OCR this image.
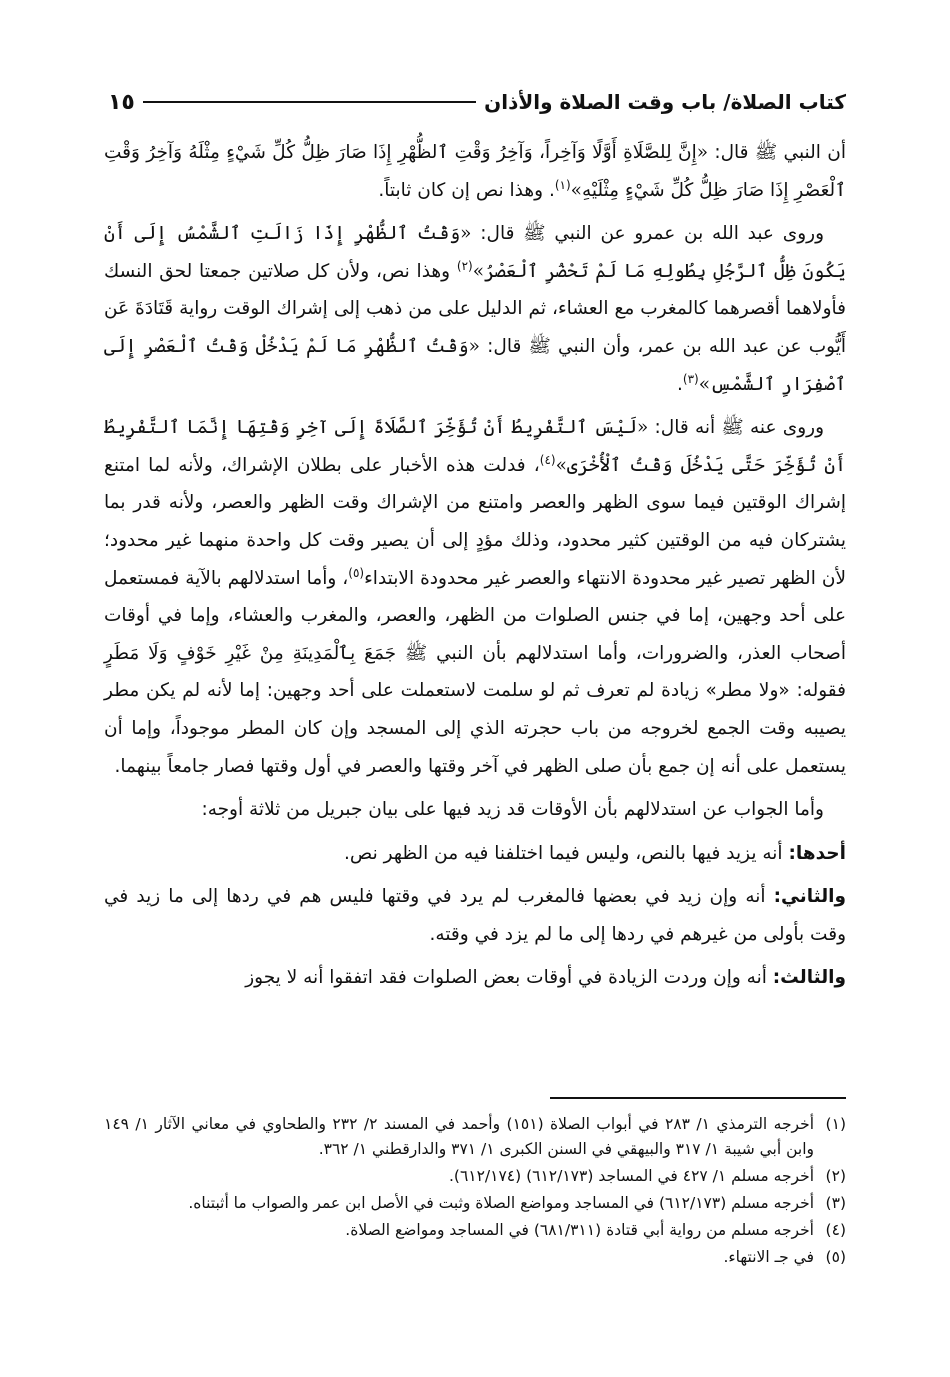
كتاب الصلاة/ باب وقت الصلاة والأذان
١٥

أن النبي ﷺ قال: «إِنَّ لِلصَّلَاةِ أَوَّلًا وَآخِراً، وَآخِرُ وَقْتِ ٱلظُّهْرِ إِذَا صَارَ ظِلُّ كُلِّ شَيْءٍ مِثْلَهُ وَآخِرُ وَقْتِ ٱلْعَصْرِ إِذَا صَارَ ظِلُّ كُلِّ شَيْءٍ مِثْلَيْهِ»$^{(١)}$. وهذا نص إن كان ثابتاً.

وروى عبد الله بن عمرو عن النبي ﷺ قال: «وَقْتُ ٱلظُّهْرِ إِذَا زَالَتِ ٱلشَّمْسُ إِلَى أَنْ يَكُونَ ظِلُّ ٱلرَّجُلِ بِطُولِهِ مَا لَمْ تَحْضُرِ ٱلْعَصْرُ»$^{(٢)}$ وهذا نص، ولأن كل صلاتين جمعتا لحق النسك فأولاهما أقصرهما كالمغرب مع العشاء، ثم الدليل على من ذهب إلى إشراك الوقت رواية قَتَادَةَ عَن أَيُّوب عن عبد الله بن عمر، وأن النبي ﷺ قال: «وَقْتُ ٱلظُّهْرِ مَا لَمْ يَدْخُلْ وَقْتُ ٱلْعَصْرِ إِلَى ٱصْفِرَارِ ٱلشَّمْسِ»$^{(٣)}$.

وروى عنه ﷺ أنه قال: «لَيْسَ ٱلتَّفْرِيطُ أَنْ تُؤَخِّرَ ٱلصَّلَاةَ إِلَى آخِرِ وَقْتِهَا إِنَّمَا ٱلتَّفْرِيطُ أَنْ تُؤَخِّرَ حَتَّى يَدْخُلَ وَقْتُ ٱلْأُخْرَى»$^{(٤)}$، فدلت هذه الأخبار على بطلان الإشراك، ولأنه لما امتنع إشراك الوقتين فيما سوى الظهر والعصر وامتنع من الإشراك وقت الظهر والعصر، ولأنه قدر بما يشتركان فيه من الوقتين كثير محدود، وذلك مؤدٍ إلى أن يصير وقت كل واحدة منهما غير محدود؛ لأن الظهر تصير غير محدودة الانتهاء والعصر غير محدودة الابتداء$^{(٥)}$، وأما استدلالهم بالآية فمستعمل على أحد وجهين، إما في جنس الصلوات من الظهر، والعصر، والمغرب والعشاء، وإما في أوقات أصحاب العذر، والضرورات، وأما استدلالهم بأن النبي ﷺ جَمَعَ بِٱلْمَدِينَةِ مِنْ غَيْرِ خَوْفٍ وَلَا مَطَرٍ فقوله: «ولا مطر» زيادة لم تعرف ثم لو سلمت لاستعملت على أحد وجهين: إما لأنه لم يكن مطر يصيبه وقت الجمع لخروجه من باب حجرته الذي إلى المسجد وإن كان المطر موجوداً، وإما أن يستعمل على أنه إن جمع بأن صلى الظهر في آخر وقتها والعصر في أول وقتها فصار جامعاً بينهما.

وأما الجواب عن استدلالهم بأن الأوقات قد زيد فيها على بيان جبريل من ثلاثة أوجه:

أحدها: أنه يزيد فيها بالنص، وليس فيما اختلفنا فيه من الظهر نص.

والثاني: أنه وإن زيد في بعضها فالمغرب لم يرد في وقتها فليس هم في ردها إلى ما زيد في وقت بأولى من غيرهم في ردها إلى ما لم يزد في وقته.

والثالث: أنه وإن وردت الزيادة في أوقات بعض الصلوات فقد اتفقوا أنه لا يجوز

(١)
أخرجه الترمذي ١/ ٢٨٣ في أبواب الصلاة (١٥١) وأحمد في المسند ٢/ ٢٣٢ والطحاوي في معاني الآثار ١/ ١٤٩ وابن أبي شيبة ١/ ٣١٧ والبيهقي في السنن الكبرى ١/ ٣٧١ والدارقطني ١/ ٣٦٢.
(٢)
أخرجه مسلم ١/ ٤٢٧ في المساجد (٦١٢/١٧٣) (٦١٢/١٧٤).
(٣)
أخرجه مسلم (٦١٢/١٧٣) في المساجد ومواضع الصلاة وثبت في الأصل ابن عمر والصواب ما أثبتناه.
(٤)
أخرجه مسلم من رواية أبي قتادة (٦٨١/٣١١) في المساجد ومواضع الصلاة.
(٥)
في جـ الانتهاء.
